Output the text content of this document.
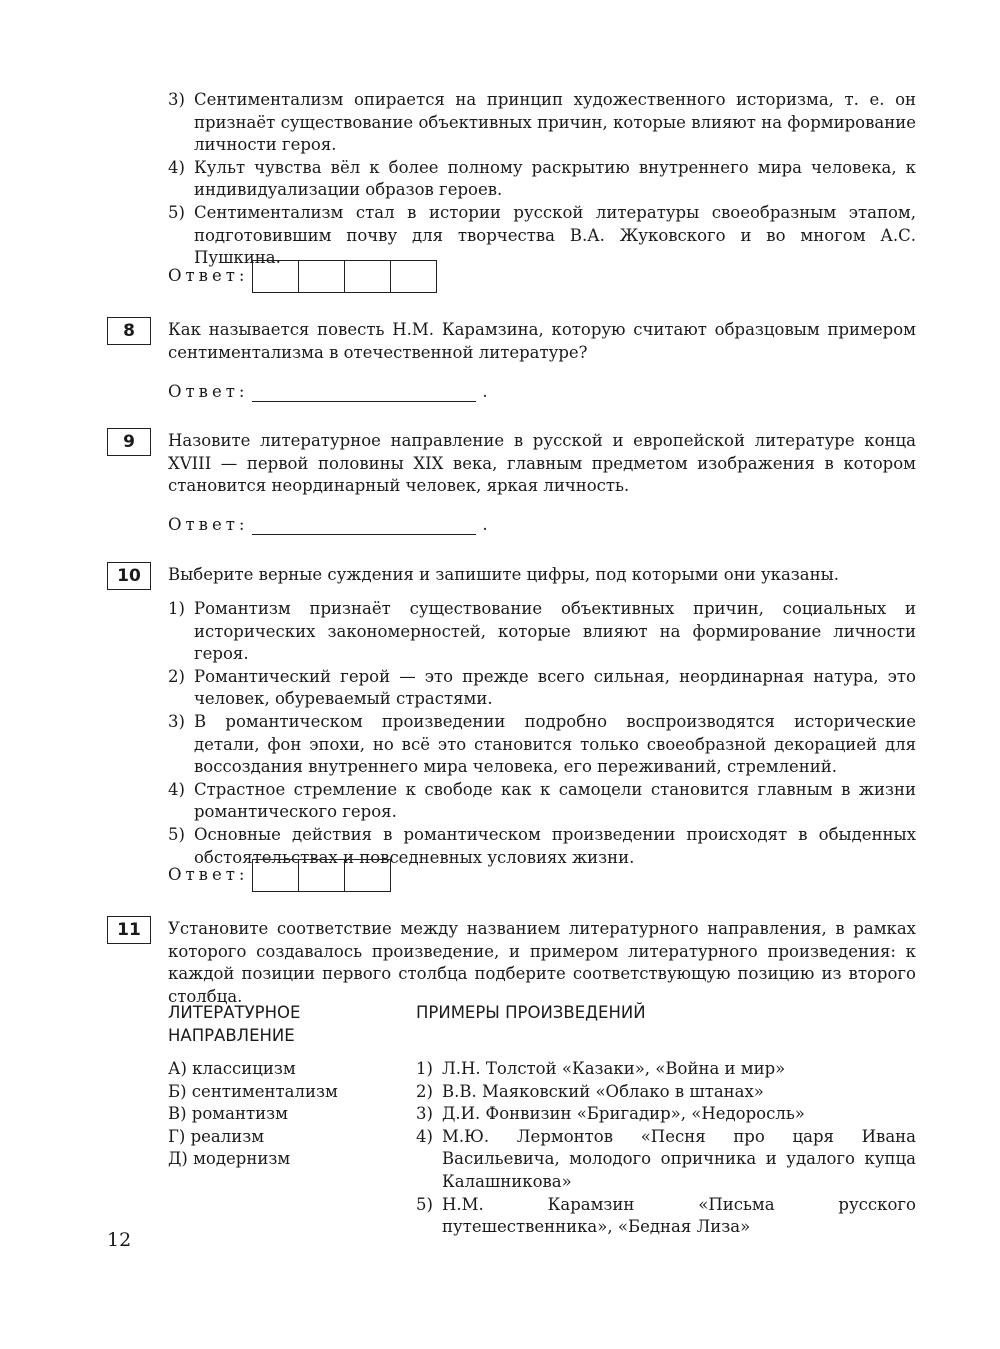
3) Сентиментализм опирается на принцип художественного историзма, т. е. он признаёт существование объективных причин, которые влияют на формирование личности героя.
4) Культ чувства вёл к более полному раскрытию внутреннего мира человека, к индивидуализации образов героев.
5) Сентиментализм стал в истории русской литературы своеобразным этапом, подготовившим почву для творчества В.А. Жуковского и во многом А.С. Пушкина.
Ответ:
8	Как называется повесть Н.М. Карамзина, которую считают образцовым примером сентиментализма в отечественной литературе?
Ответ:	.
9	Назовите литературное направление в русской и европейской литературе конца XVIII — первой половины XIX века, главным предметом изображения в котором становится неординарный человек, яркая личность.
Ответ:	.
10	Выберите верные суждения и запишите цифры, под которыми они указаны.
1) Романтизм признаёт существование объективных причин, социальных и исторических закономерностей, которые влияют на формирование личности героя.
2) Романтический герой — это прежде всего сильная, неординарная натура, это человек, обуреваемый страстями.
3) В романтическом произведении подробно воспроизводятся исторические детали, фон эпохи, но всё это становится только своеобразной декорацией для воссоздания внутреннего мира человека, его переживаний, стремлений.
4) Страстное стремление к свободе как к самоцели становится главным в жизни романтического героя.
5) Основные действия в романтическом произведении происходят в обыденных обстоятельствах и повседневных условиях жизни.
Ответ:
11	Установите соответствие между названием литературного направления, в рамках которого создавалось произведение, и примером литературного произведения: к каждой позиции первого столбца подберите соответствующую позицию из второго столбца.
ЛИТЕРАТУРНОЕ НАПРАВЛЕНИЕ
А) классицизм
Б) сентиментализм
В) романтизм
Г) реализм
Д) модернизм
ПРИМЕРЫ ПРОИЗВЕДЕНИЙ
1) Л.Н. Толстой «Казаки», «Война и мир»
2) В.В. Маяковский «Облако в штанах»
3) Д.И. Фонвизин «Бригадир», «Недоросль»
4) М.Ю. Лермонтов «Песня про царя Ивана Васильевича, молодого опричника и удалого купца Калашникова»
5) Н.М. Карамзин «Письма русского путешественника», «Бедная Лиза»
12
